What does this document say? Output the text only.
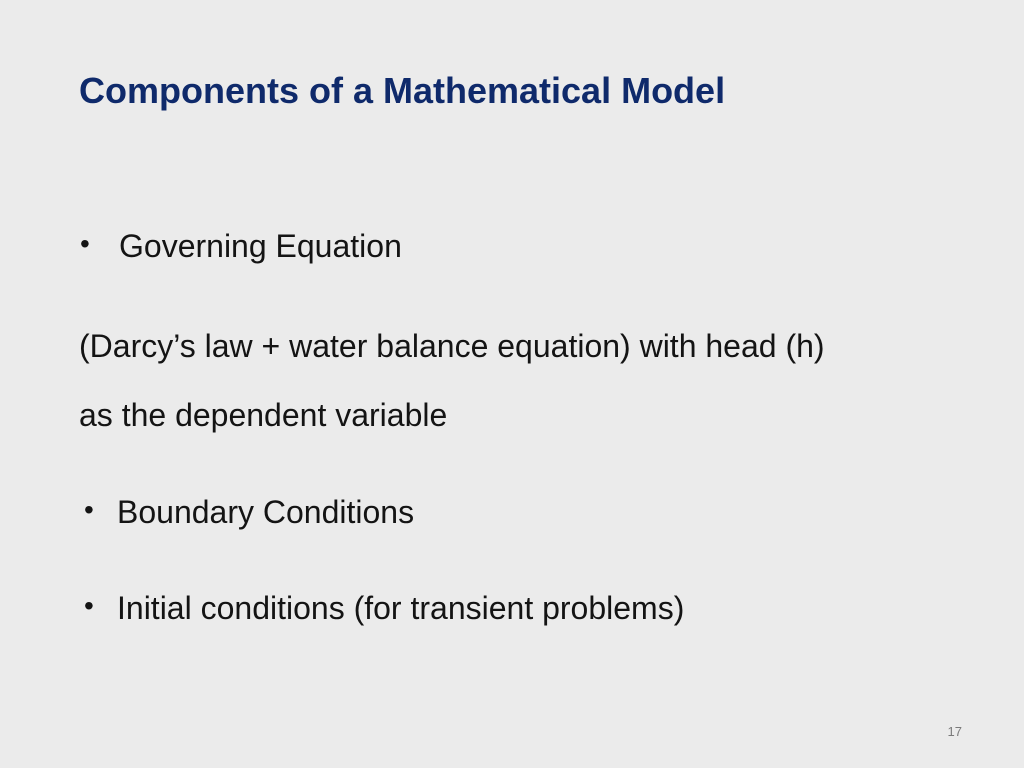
Components of a Mathematical Model
• Governing Equation
(Darcy’s law + water balance equation) with head (h)
as the dependent variable
• Boundary Conditions
• Initial conditions (for transient problems)
17
